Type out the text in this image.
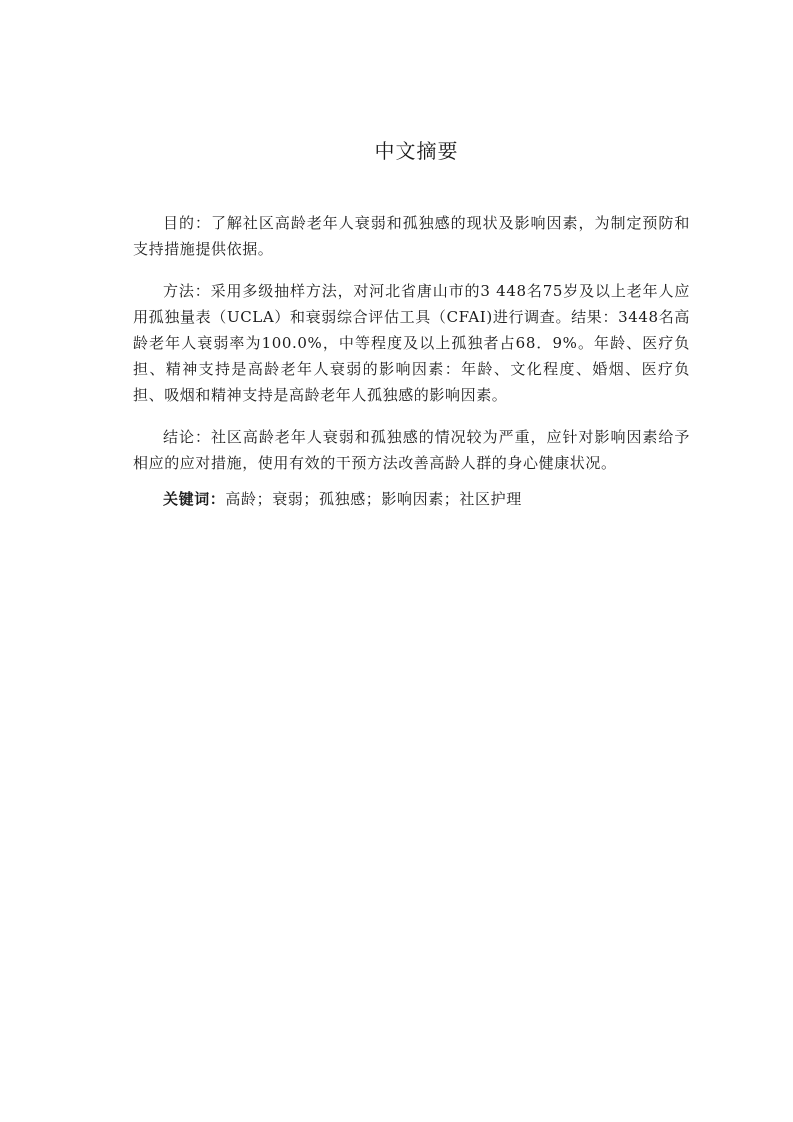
中文摘要

目的：了解社区高龄老年人衰弱和孤独感的现状及影响因素，为制定预防和支持措施提供依据。

方法：采用多级抽样方法，对河北省唐山市的3 448名75岁及以上老年人应用孤独量表（UCLA）和衰弱综合评估工具（CFAI)进行调查。结果：3448名高龄老年人衰弱率为100.0%，中等程度及以上孤独者占68．9%。年龄、医疗负担、精神支持是高龄老年人衰弱的影响因素：年龄、文化程度、婚烟、医疗负担、吸烟和精神支持是高龄老年人孤独感的影响因素。

结论：社区高龄老年人衰弱和孤独感的情况较为严重，应针对影响因素给予相应的应对措施，使用有效的干预方法改善高龄人群的身心健康状况。

关键词：高龄；衰弱；孤独感；影响因素；社区护理
